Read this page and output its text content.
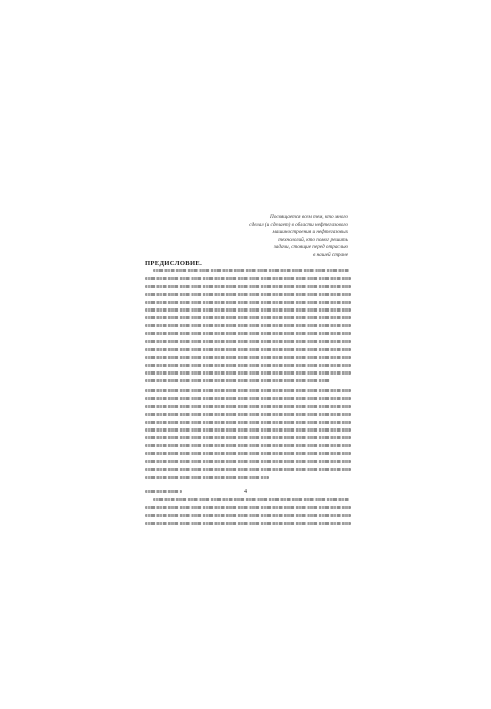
Посвящается всем тем, кто много
сделал (и сделает) в области нефтегазового
машиностроения и нефтегазовых
технологий, кто помог решить
задачи, стоящие перед отраслью
в нашей стране
ПРЕДИСЛОВИЕ.
4
